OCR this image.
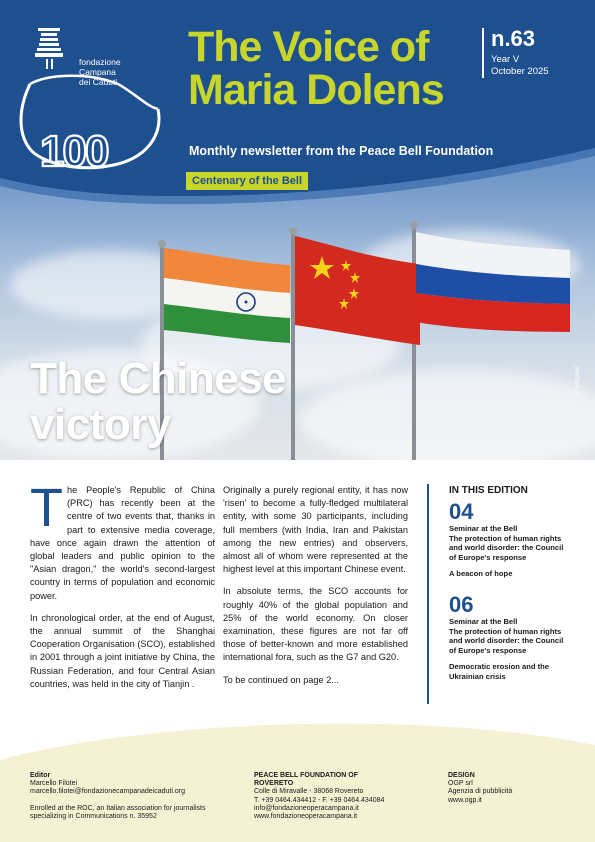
100
fondazione
Campana
dei Caduti
The Voice of
Maria Dolens
n.63
Year V
October 2025
Monthly newsletter from the Peace Bell Foundation
Centenary of the Bell
The Chinese
victory
© wildpixel

The People's Republic of China (PRC) has recently been at the centre of two events that, thanks in part to extensive media coverage, have once again drawn the attention of global leaders and public opinion to the "Asian dragon," the world's second-largest country in terms of population and economic power.

In chronological order, at the end of August, the annual summit of the Shanghai Cooperation Organisation (SCO), established in 2001 through a joint initiative by China, the Russian Federation, and four Central Asian countries, was held in the city of Tianjin .

Originally a purely regional entity, it has now 'risen' to become a fully-fledged multilateral entity, with some 30 participants, including full members (with India, Iran and Pakistan among the new entries) and observers, almost all of whom were represented at the highest level at this important Chinese event.

In absolute terms, the SCO accounts for roughly 40% of the global population and 25% of the world economy. On closer examination, these figures are not far off those of better-known and more established international fora, such as the G7 and G20.

To be continued on page 2...

IN THIS EDITION
04
Seminar at the Bell
The protection of human rights and world disorder: the Council of Europe's response
A beacon of hope
06
Seminar at the Bell
The protection of human rights and world disorder: the Council of Europe's response
Democratic erosion and the Ukrainian crisis
Editor
Marcello Filotei
marcello.filotei@fondazionecampanadeicaduti.org
Enrolled at the ROC, an Italian association for journalists specializing in Communications n. 35952
PEACE BELL FOUNDATION OF ROVERETO
Colle di Miravalle - 38068 Rovereto
T. +39 0464.434412 - F. +39 0464.434084
info@fondazioneoperacampana.it
www.fondazioneoperacampana.it
DESIGN
OGP srl
Agenzia di pubblicità
www.ogp.it
